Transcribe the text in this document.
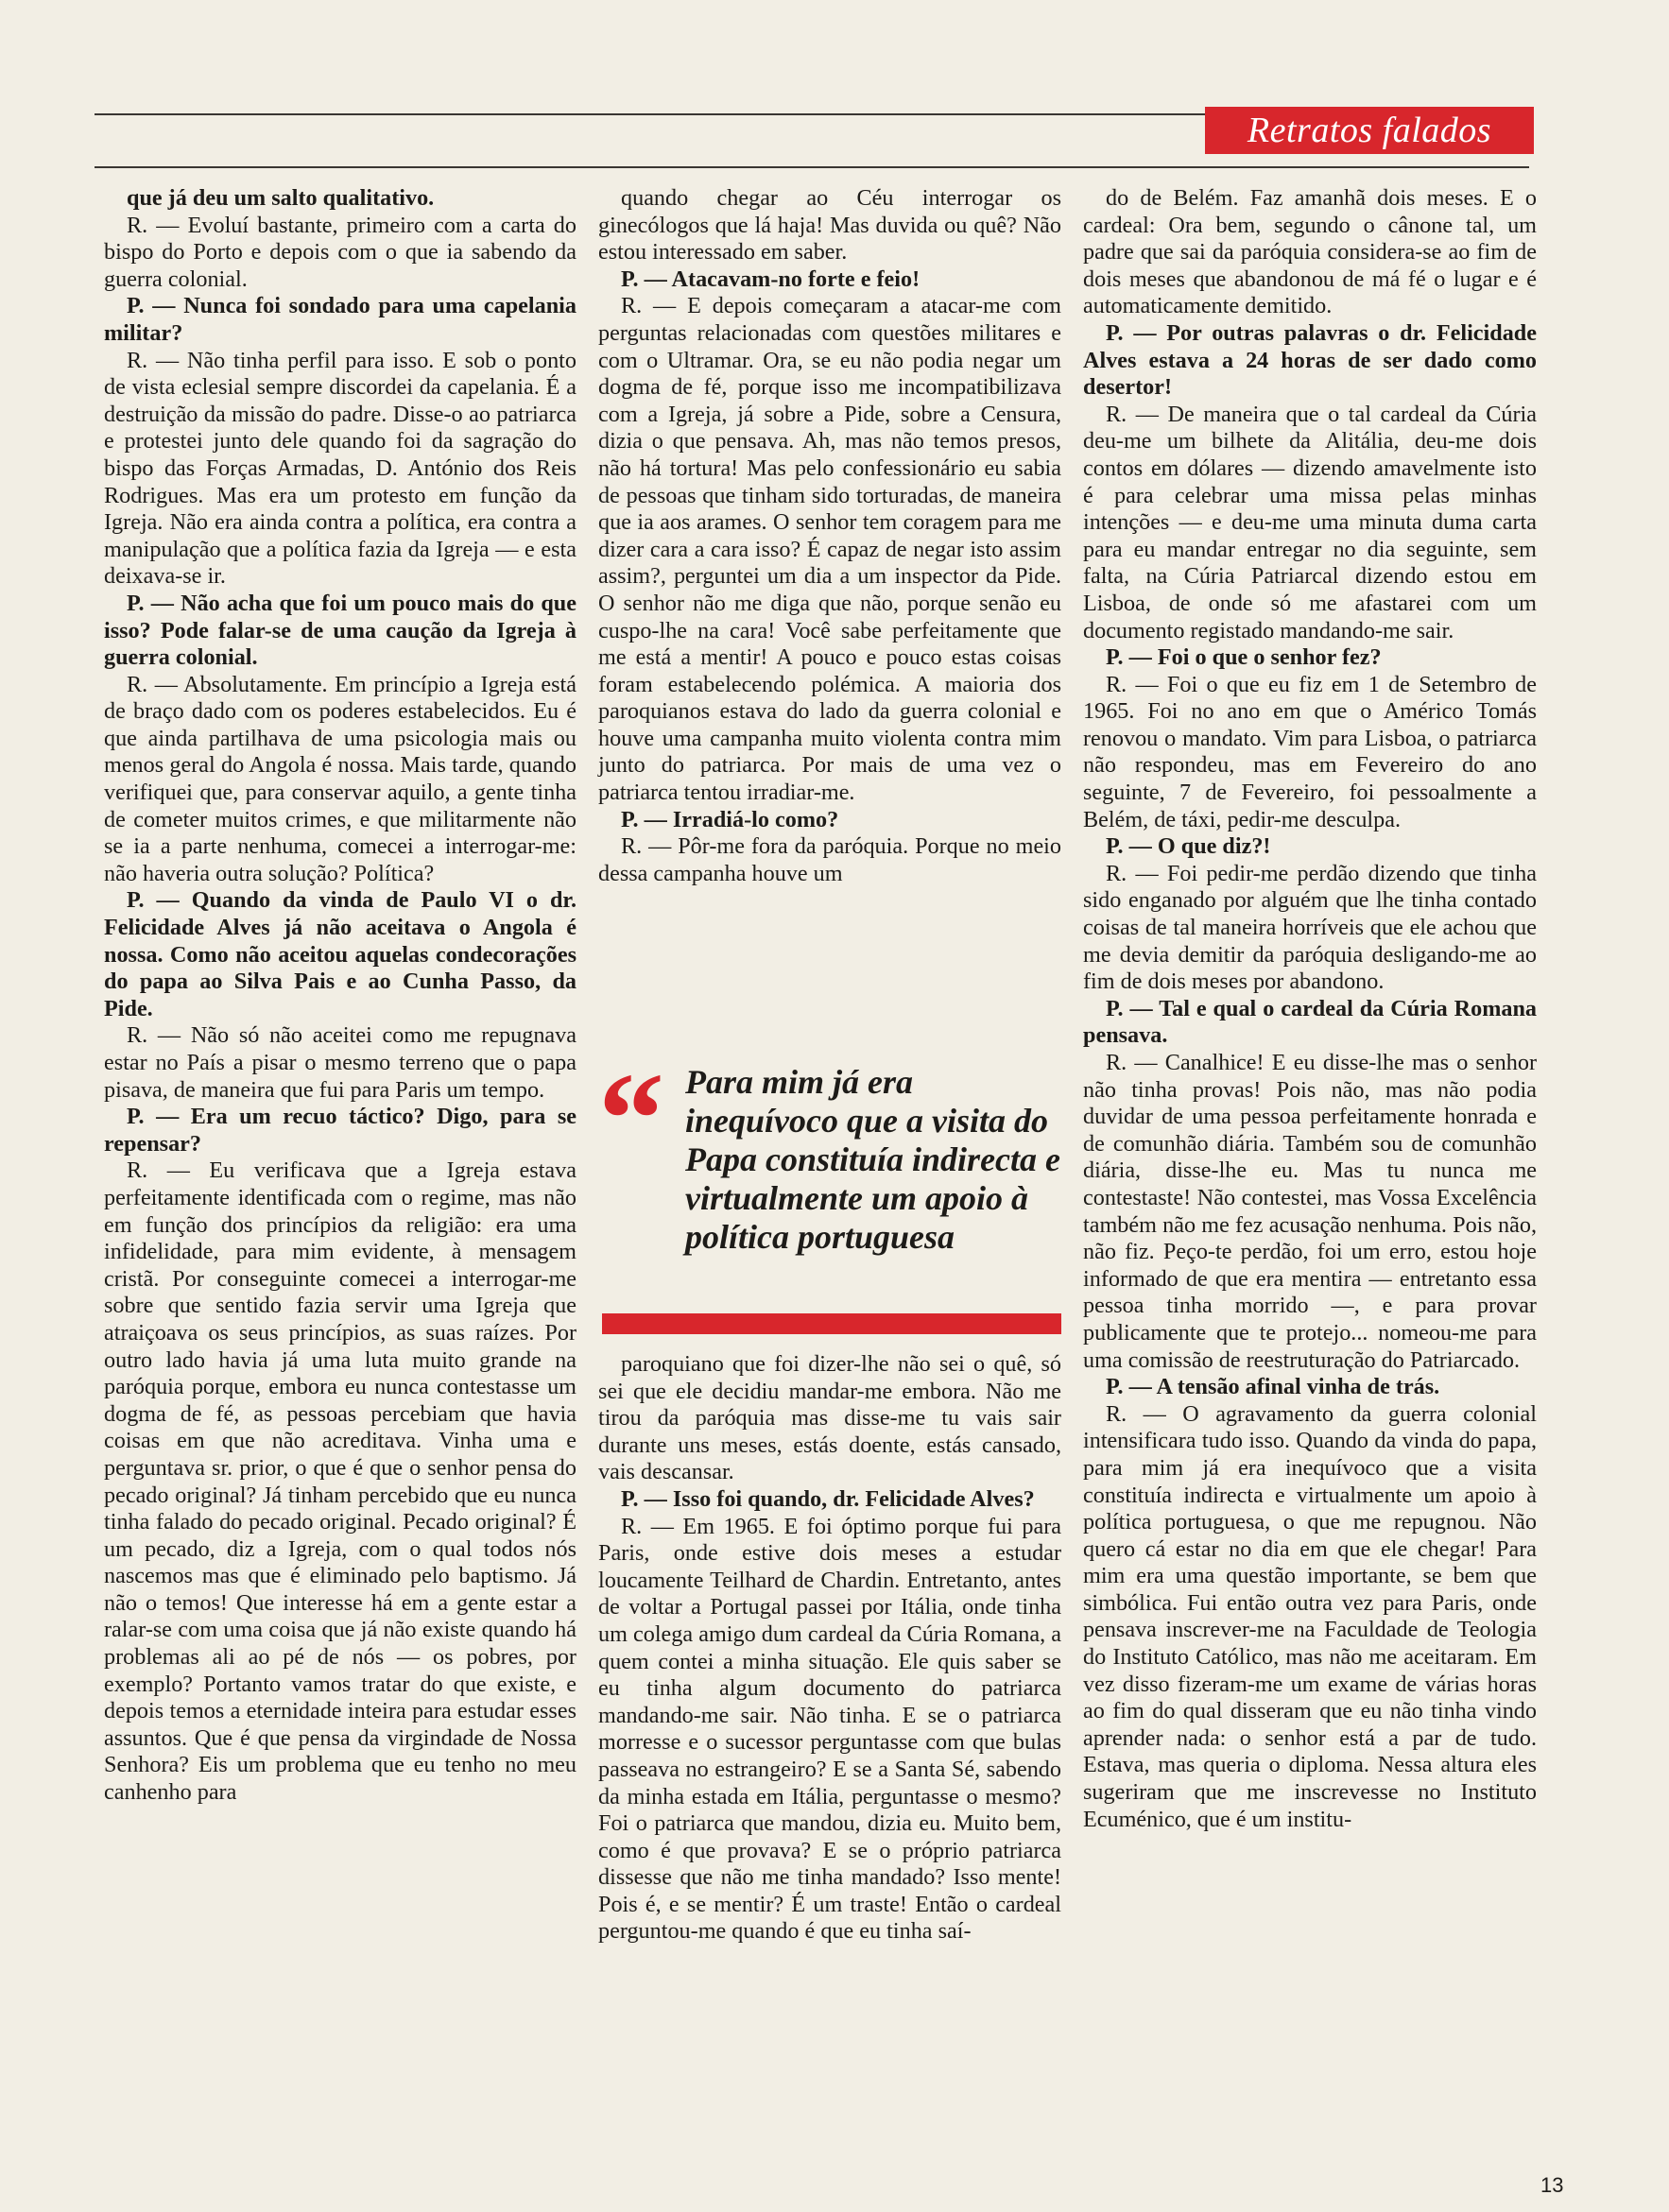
Retratos falados

que já deu um salto qualitativo.

R. — Evoluí bastante, primeiro com a carta do bispo do Porto e depois com o que ia sabendo da guerra colonial.

P. — Nunca foi sondado para uma capelania militar?

R. — Não tinha perfil para isso. E sob o ponto de vista eclesial sempre discordei da capelania. É a destruição da missão do padre. Disse-o ao patriarca e protestei junto dele quando foi da sagração do bispo das Forças Armadas, D. António dos Reis Rodrigues. Mas era um protesto em função da Igreja. Não era ainda contra a política, era contra a manipulação que a política fazia da Igreja — e esta deixava-se ir.

P. — Não acha que foi um pouco mais do que isso? Pode falar-se de uma caução da Igreja à guerra colonial.

R. — Absolutamente. Em princípio a Igreja está de braço dado com os poderes estabelecidos. Eu é que ainda partilhava de uma psicologia mais ou menos geral do Angola é nossa. Mais tarde, quando verifiquei que, para conservar aquilo, a gente tinha de cometer muitos crimes, e que militarmente não se ia a parte nenhuma, comecei a interrogar-me: não haveria outra solução? Política?

P. — Quando da vinda de Paulo VI o dr. Felicidade Alves já não aceitava o Angola é nossa. Como não aceitou aquelas condecorações do papa ao Silva Pais e ao Cunha Passo, da Pide.

R. — Não só não aceitei como me repugnava estar no País a pisar o mesmo terreno que o papa pisava, de maneira que fui para Paris um tempo.

P. — Era um recuo táctico? Digo, para se repensar?

R. — Eu verificava que a Igreja estava perfeitamente identificada com o regime, mas não em função dos princípios da religião: era uma infidelidade, para mim evidente, à mensagem cristã. Por conseguinte comecei a interrogar-me sobre que sentido fazia servir uma Igreja que atraiçoava os seus princípios, as suas raízes. Por outro lado havia já uma luta muito grande na paróquia porque, embora eu nunca contestasse um dogma de fé, as pessoas percebiam que havia coisas em que não acreditava. Vinha uma e perguntava sr. prior, o que é que o senhor pensa do pecado original? Já tinham percebido que eu nunca tinha falado do pecado original. Pecado original? É um pecado, diz a Igreja, com o qual todos nós nascemos mas que é eliminado pelo baptismo. Já não o temos! Que interesse há em a gente estar a ralar-se com uma coisa que já não existe quando há problemas ali ao pé de nós — os pobres, por exemplo? Portanto vamos tratar do que existe, e depois temos a eternidade inteira para estudar esses assuntos. Que é que pensa da virgindade de Nossa Senhora? Eis um problema que eu tenho no meu canhenho para

quando chegar ao Céu interrogar os ginecólogos que lá haja! Mas duvida ou quê? Não estou interessado em saber.

P. — Atacavam-no forte e feio!

R. — E depois começaram a atacar-me com perguntas relacionadas com questões militares e com o Ultramar. Ora, se eu não podia negar um dogma de fé, porque isso me incompatibilizava com a Igreja, já sobre a Pide, sobre a Censura, dizia o que pensava. Ah, mas não temos presos, não há tortura! Mas pelo confessionário eu sabia de pessoas que tinham sido torturadas, de maneira que ia aos arames. O senhor tem coragem para me dizer cara a cara isso? É capaz de negar isto assim assim?, perguntei um dia a um inspector da Pide. O senhor não me diga que não, porque senão eu cuspo-lhe na cara! Você sabe perfeitamente que me está a mentir! A pouco e pouco estas coisas foram estabelecendo polémica. A maioria dos paroquianos estava do lado da guerra colonial e houve uma campanha muito violenta contra mim junto do patriarca. Por mais de uma vez o patriarca tentou irradiar-me.

P. — Irradiá-lo como?

R. — Pôr-me fora da paróquia. Porque no meio dessa campanha houve um

“ Para mim já era inequívoco que a visita do Papa constituía indirecta e virtualmente um apoio à política portuguesa

paroquiano que foi dizer-lhe não sei o quê, só sei que ele decidiu mandar-me embora. Não me tirou da paróquia mas disse-me tu vais sair durante uns meses, estás doente, estás cansado, vais descansar.

P. — Isso foi quando, dr. Felicidade Alves?

R. — Em 1965. E foi óptimo porque fui para Paris, onde estive dois meses a estudar loucamente Teilhard de Chardin. Entretanto, antes de voltar a Portugal passei por Itália, onde tinha um colega amigo dum cardeal da Cúria Romana, a quem contei a minha situação. Ele quis saber se eu tinha algum documento do patriarca mandando-me sair. Não tinha. E se o patriarca morresse e o sucessor perguntasse com que bulas passeava no estrangeiro? E se a Santa Sé, sabendo da minha estada em Itália, perguntasse o mesmo? Foi o patriarca que mandou, dizia eu. Muito bem, como é que provava? E se o próprio patriarca dissesse que não me tinha mandado? Isso mente! Pois é, e se mentir? É um traste! Então o cardeal perguntou-me quando é que eu tinha saí-

do de Belém. Faz amanhã dois meses. E o cardeal: Ora bem, segundo o cânone tal, um padre que sai da paróquia considera-se ao fim de dois meses que abandonou de má fé o lugar e é automaticamente demitido.

P. — Por outras palavras o dr. Felicidade Alves estava a 24 horas de ser dado como desertor!

R. — De maneira que o tal cardeal da Cúria deu-me um bilhete da Alitália, deu-me dois contos em dólares — dizendo amavelmente isto é para celebrar uma missa pelas minhas intenções — e deu-me uma minuta duma carta para eu mandar entregar no dia seguinte, sem falta, na Cúria Patriarcal dizendo estou em Lisboa, de onde só me afastarei com um documento registado mandando-me sair.

P. — Foi o que o senhor fez?

R. — Foi o que eu fiz em 1 de Setembro de 1965. Foi no ano em que o Américo Tomás renovou o mandato. Vim para Lisboa, o patriarca não respondeu, mas em Fevereiro do ano seguinte, 7 de Fevereiro, foi pessoalmente a Belém, de táxi, pedir-me desculpa.

P. — O que diz?!

R. — Foi pedir-me perdão dizendo que tinha sido enganado por alguém que lhe tinha contado coisas de tal maneira horríveis que ele achou que me devia demitir da paróquia desligando-me ao fim de dois meses por abandono.

P. — Tal e qual o cardeal da Cúria Romana pensava.

R. — Canalhice! E eu disse-lhe mas o senhor não tinha provas! Pois não, mas não podia duvidar de uma pessoa perfeitamente honrada e de comunhão diária. Também sou de comunhão diária, disse-lhe eu. Mas tu nunca me contestaste! Não contestei, mas Vossa Excelência também não me fez acusação nenhuma. Pois não, não fiz. Peço-te perdão, foi um erro, estou hoje informado de que era mentira — entretanto essa pessoa tinha morrido —, e para provar publicamente que te protejo... nomeou-me para uma comissão de reestruturação do Patriarcado.

P. — A tensão afinal vinha de trás.

R. — O agravamento da guerra colonial intensificara tudo isso. Quando da vinda do papa, para mim já era inequívoco que a visita constituía indirecta e virtualmente um apoio à política portuguesa, o que me repugnou. Não quero cá estar no dia em que ele chegar! Para mim era uma questão importante, se bem que simbólica. Fui então outra vez para Paris, onde pensava inscrever-me na Faculdade de Teologia do Instituto Católico, mas não me aceitaram. Em vez disso fizeram-me um exame de várias horas ao fim do qual disseram que eu não tinha vindo aprender nada: o senhor está a par de tudo. Estava, mas queria o diploma. Nessa altura eles sugeriram que me inscrevesse no Instituto Ecuménico, que é um institu-

13
